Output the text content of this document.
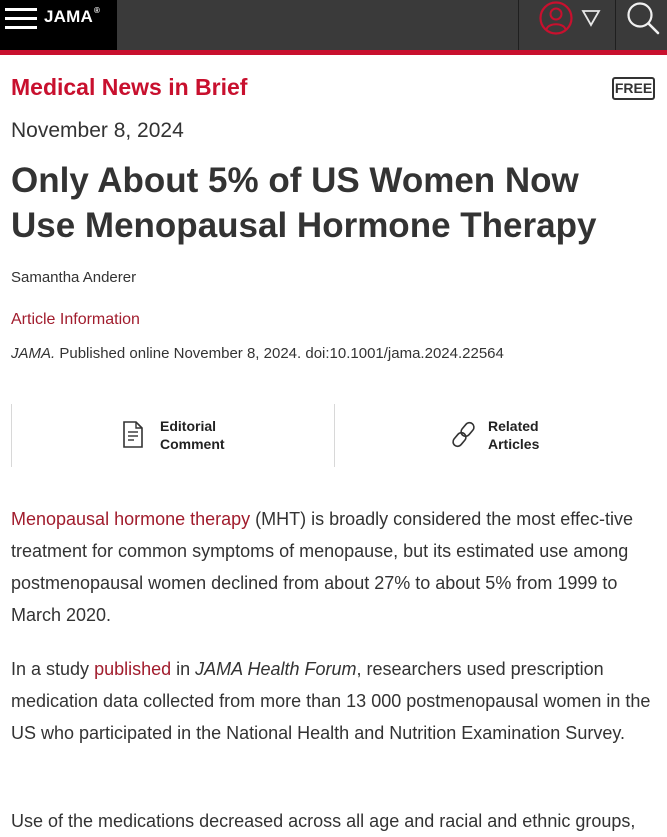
JAMA®
Medical News in Brief	FREE
November 8, 2024
Only About 5% of US Women Now Use Menopausal Hormone Therapy
Samantha Anderer
Article Information
JAMA. Published online November 8, 2024. doi:10.1001/jama.2024.22564
Editorial
Comment
Related
Articles

Menopausal hormone therapy (MHT) is broadly considered the most effec-tive treatment for common symptoms of menopause, but its estimated use among postmenopausal women declined from about 27% to about 5% from 1999 to March 2020.

In a study published in JAMA Health Forum, researchers used prescription medication data collected from more than 13 000 postmenopausal women in the US who participated in the National Health and Nutrition Examination Survey.

Use of the medications decreased across all age and racial and ethnic groups,
